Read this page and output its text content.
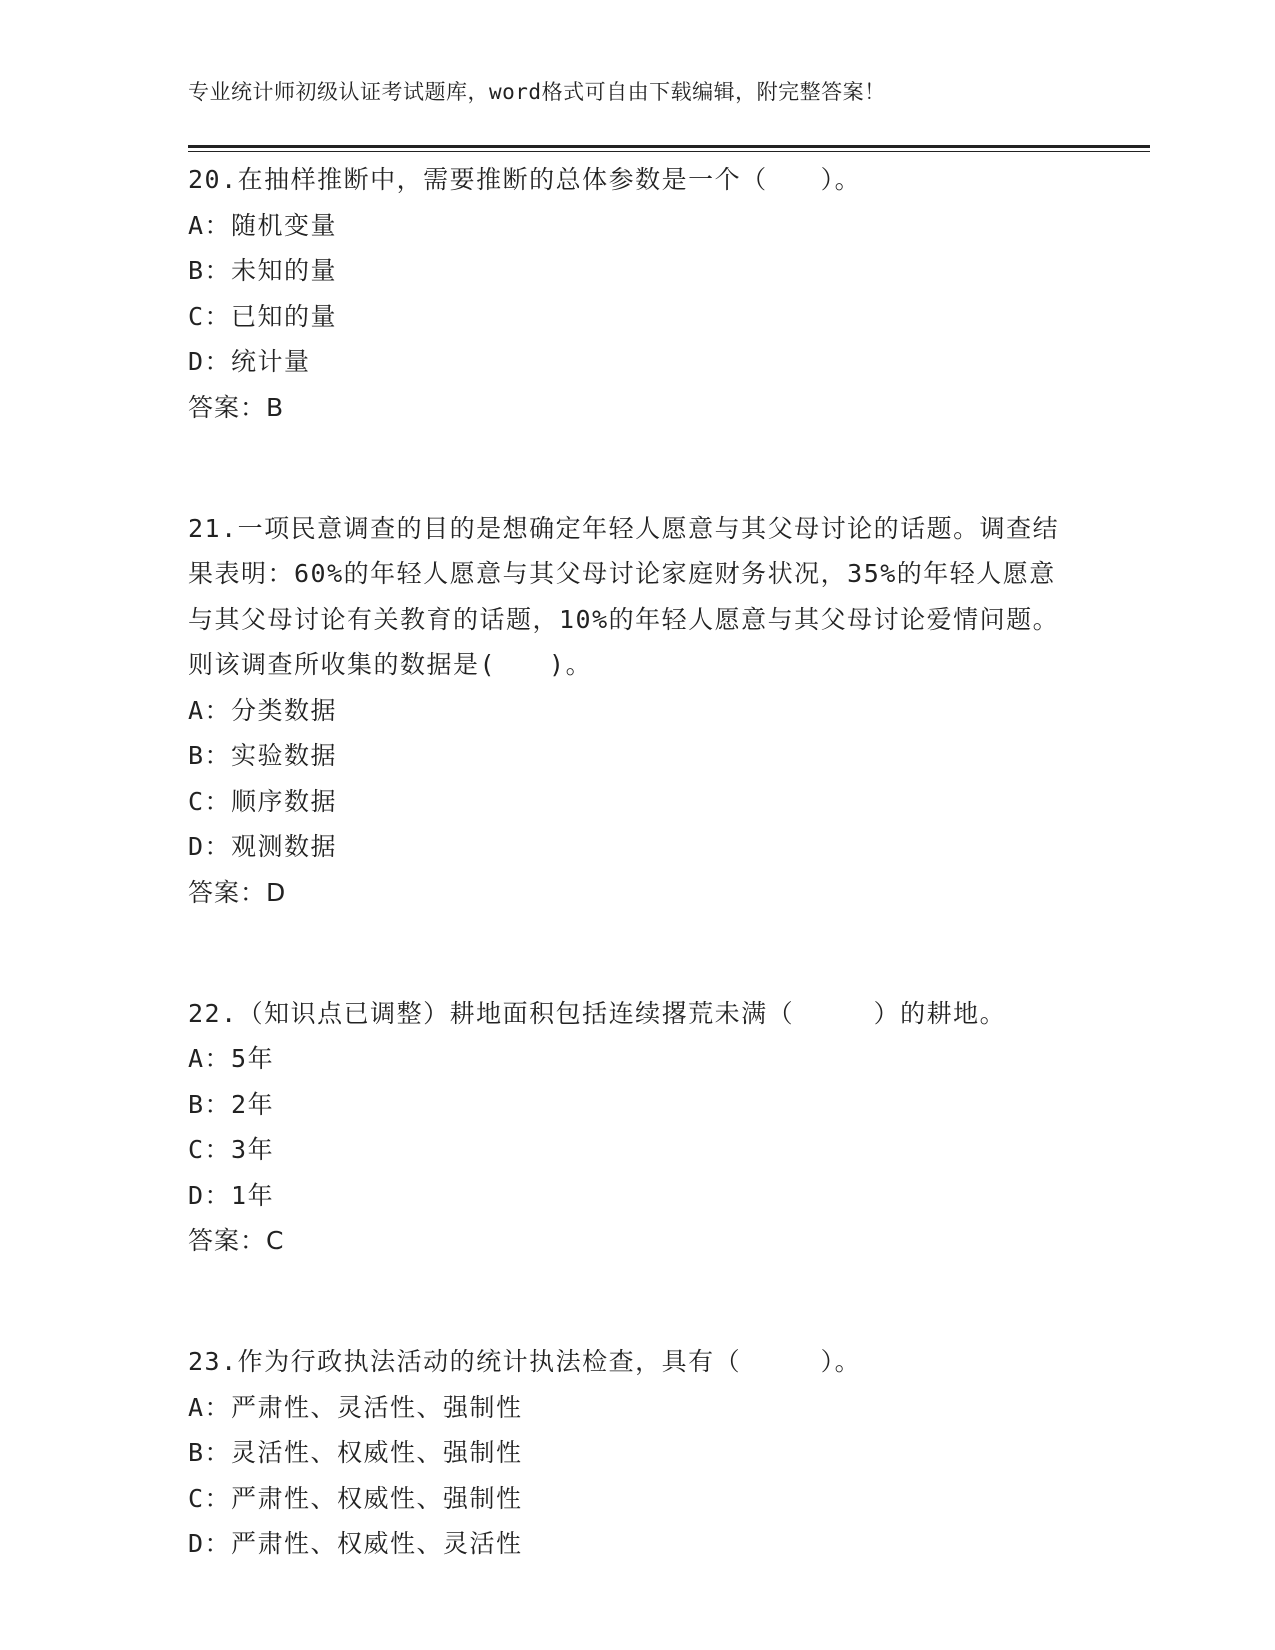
专业统计师初级认证考试题库，word格式可自由下载编辑，附完整答案！
20.在抽样推断中，需要推断的总体参数是一个（　　）。
A：随机变量
B：未知的量
C：已知的量
D：统计量
答案：B
21.一项民意调查的目的是想确定年轻人愿意与其父母讨论的话题。调查结果表明：60%的年轻人愿意与其父母讨论家庭财务状况，35%的年轻人愿意与其父母讨论有关教育的话题，10%的年轻人愿意与其父母讨论爱情问题。则该调查所收集的数据是(　　)。
A：分类数据
B：实验数据
C：顺序数据
D：观测数据
答案：D
22.（知识点已调整）耕地面积包括连续撂荒未满（　　　）的耕地。
A：5年
B：2年
C：3年
D：1年
答案：C
23.作为行政执法活动的统计执法检查，具有（　　　）。
A：严肃性、灵活性、强制性
B：灵活性、权威性、强制性
C：严肃性、权威性、强制性
D：严肃性、权威性、灵活性
